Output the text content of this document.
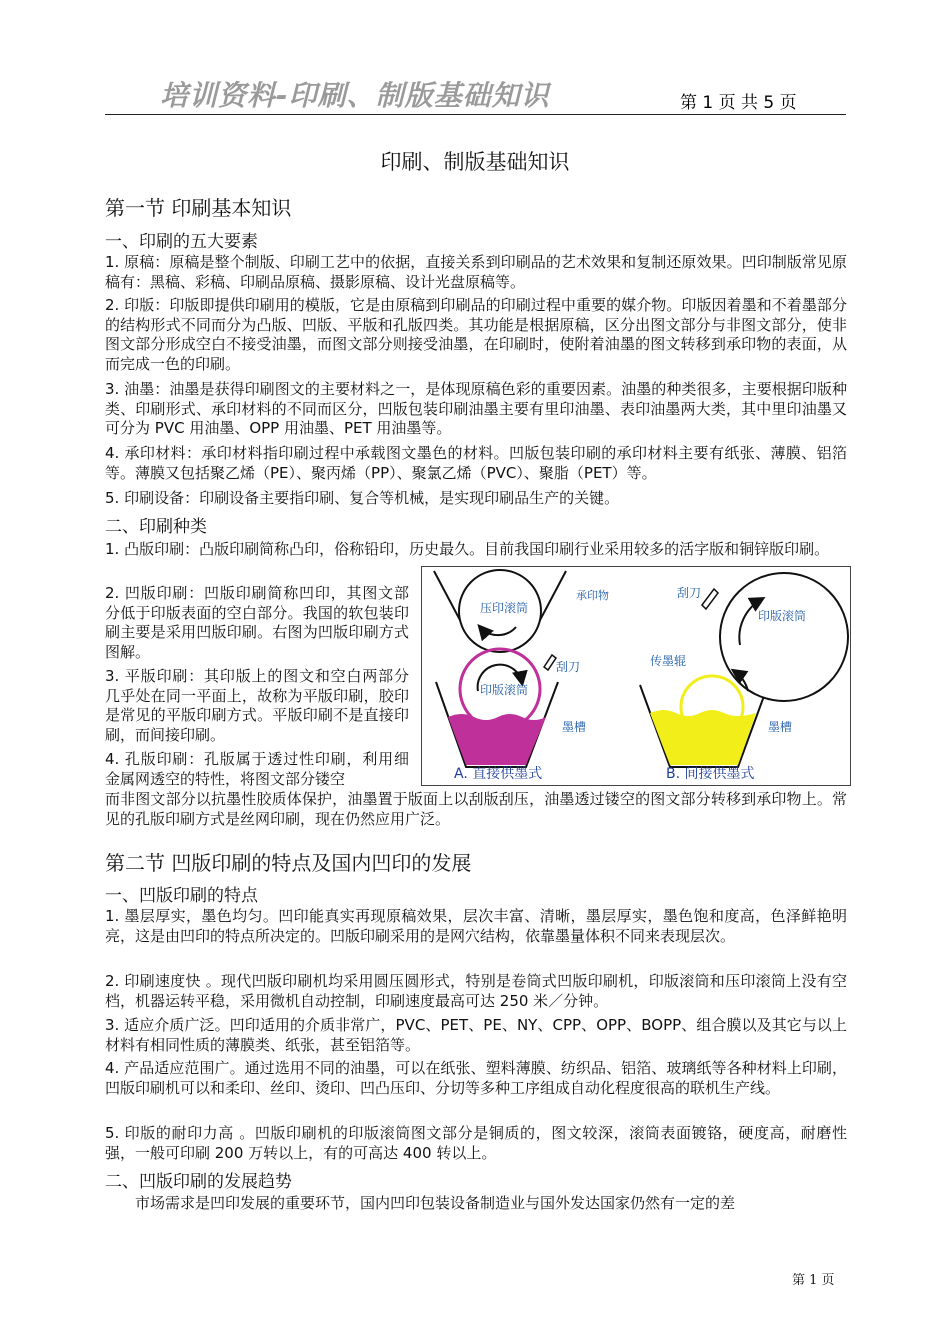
培训资料-印刷、制版基础知识	第 1 页 共 5 页
印刷、制版基础知识
第一节 印刷基本知识
一、印刷的五大要素
1. 原稿：原稿是整个制版、印刷工艺中的依据，直接关系到印刷品的艺术效果和复制还原效果。凹印制版常见原稿有：黑稿、彩稿、印刷品原稿、摄影原稿、设计光盘原稿等。
2. 印版：印版即提供印刷用的模版，它是由原稿到印刷品的印刷过程中重要的媒介物。印版因着墨和不着墨部分的结构形式不同而分为凸版、凹版、平版和孔版四类。其功能是根据原稿，区分出图文部分与非图文部分，使非图文部分形成空白不接受油墨，而图文部分则接受油墨，在印刷时，使附着油墨的图文转移到承印物的表面，从而完成一色的印刷。
3. 油墨：油墨是获得印刷图文的主要材料之一，是体现原稿色彩的重要因素。油墨的种类很多，主要根据印版种类、印刷形式、承印材料的不同而区分，凹版包装印刷油墨主要有里印油墨、表印油墨两大类，其中里印油墨又可分为 PVC 用油墨、OPP 用油墨、PET 用油墨等。
4. 承印材料：承印材料指印刷过程中承载图文墨色的材料。凹版包装印刷的承印材料主要有纸张、薄膜、铝箔等。薄膜又包括聚乙烯（PE）、聚丙烯（PP）、聚氯乙烯（PVC）、聚脂（PET）等。
5. 印刷设备：印刷设备主要指印刷、复合等机械，是实现印刷品生产的关键。
二、印刷种类
1. 凸版印刷：凸版印刷简称凸印，俗称铅印，历史最久。目前我国印刷行业采用较多的活字版和铜锌版印刷。
2. 凹版印刷：凹版印刷简称凹印，其图文部分低于印版表面的空白部分。我国的软包装印刷主要是采用凹版印刷。右图为凹版印刷方式图解。
3. 平版印刷：其印版上的图文和空白两部分几乎处在同一平面上，故称为平版印刷，胶印是常见的平版印刷方式。平版印刷不是直接印刷，而间接印刷。
4. 孔版印刷：孔版属于透过性印刷，利用细金属网透空的特性，将图文部分镂空
而非图文部分以抗墨性胶质体保护，油墨置于版面上以刮版刮压，油墨透过镂空的图文部分转移到承印物上。常见的孔版印刷方式是丝网印刷，现在仍然应用广泛。
压印滚筒
承印物
印版滚筒
刮刀
墨槽
A. 直接供墨式
印版滚筒
刮刀
传墨辊
墨槽
B. 间接供墨式
第二节 凹版印刷的特点及国内凹印的发展
一、凹版印刷的特点
1. 墨层厚实，墨色均匀。凹印能真实再现原稿效果，层次丰富、清晰，墨层厚实，墨色饱和度高，色泽鲜艳明亮，这是由凹印的特点所决定的。凹版印刷采用的是网穴结构，依靠墨量体积不同来表现层次。
2. 印刷速度快 。现代凹版印刷机均采用圆压圆形式，特别是卷筒式凹版印刷机，印版滚筒和压印滚筒上没有空档，机器运转平稳，采用微机自动控制，印刷速度最高可达 250 米／分钟。
3. 适应介质广泛。凹印适用的介质非常广，PVC、PET、PE、NY、CPP、OPP、BOPP、组合膜以及其它与以上材料有相同性质的薄膜类、纸张，甚至铝箔等。
4. 产品适应范围广。通过选用不同的油墨，可以在纸张、塑料薄膜、纺织品、铝箔、玻璃纸等各种材料上印刷，凹版印刷机可以和柔印、丝印、烫印、凹凸压印、分切等多种工序组成自动化程度很高的联机生产线。
5. 印版的耐印力高 。凹版印刷机的印版滚筒图文部分是铜质的，图文较深，滚筒表面镀铬，硬度高，耐磨性强，一般可印刷 200 万转以上，有的可高达 400 转以上。
二、凹版印刷的发展趋势
市场需求是凹印发展的重要环节，国内凹印包装设备制造业与国外发达国家仍然有一定的差
第 1 页
